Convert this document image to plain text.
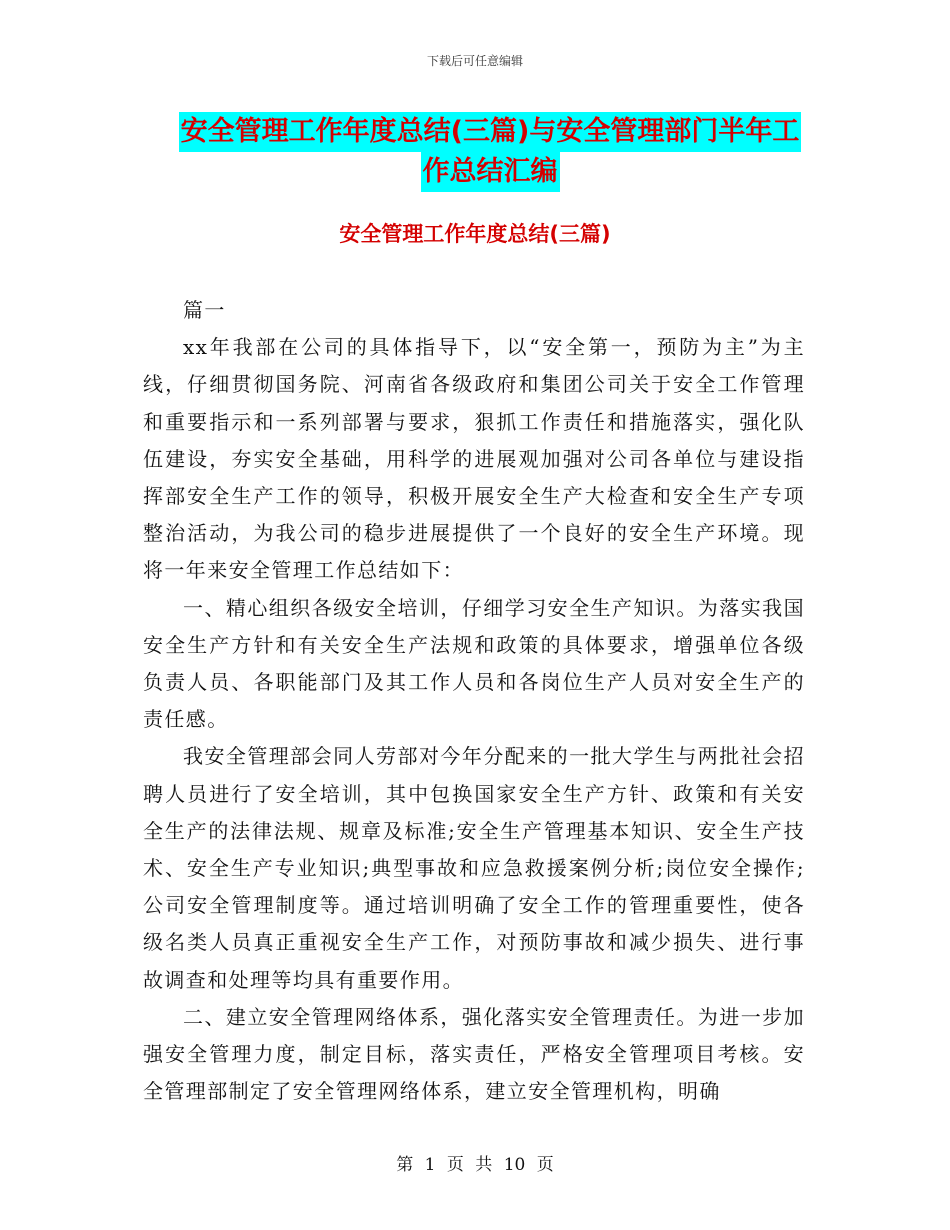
下载后可任意编辑
安全管理工作年度总结(三篇)与安全管理部门半年工
作总结汇编
安全管理工作年度总结(三篇)

篇一

xx年我部在公司的具体指导下，以“安全第一，预防为主”为主线，仔细贯彻国务院、河南省各级政府和集团公司关于安全工作管理和重要指示和一系列部署与要求，狠抓工作责任和措施落实，强化队伍建设，夯实安全基础，用科学的进展观加强对公司各单位与建设指挥部安全生产工作的领导，积极开展安全生产大检查和安全生产专项整治活动，为我公司的稳步进展提供了一个良好的安全生产环境。现将一年来安全管理工作总结如下：

一、精心组织各级安全培训，仔细学习安全生产知识。为落实我国安全生产方针和有关安全生产法规和政策的具体要求，增强单位各级负责人员、各职能部门及其工作人员和各岗位生产人员对安全生产的责任感。

我安全管理部会同人劳部对今年分配来的一批大学生与两批社会招聘人员进行了安全培训，其中包换国家安全生产方针、政策和有关安全生产的法律法规、规章及标准;安全生产管理基本知识、安全生产技术、安全生产专业知识;典型事故和应急救援案例分析;岗位安全操作;公司安全管理制度等。通过培训明确了安全工作的管理重要性，使各级名类人员真正重视安全生产工作，对预防事故和减少损失、进行事故调查和处理等均具有重要作用。

二、建立安全管理网络体系，强化落实安全管理责任。为进一步加强安全管理力度，制定目标，落实责任，严格安全管理项目考核。安全管理部制定了安全管理网络体系，建立安全管理机构，明确

第 1 页 共 10 页
